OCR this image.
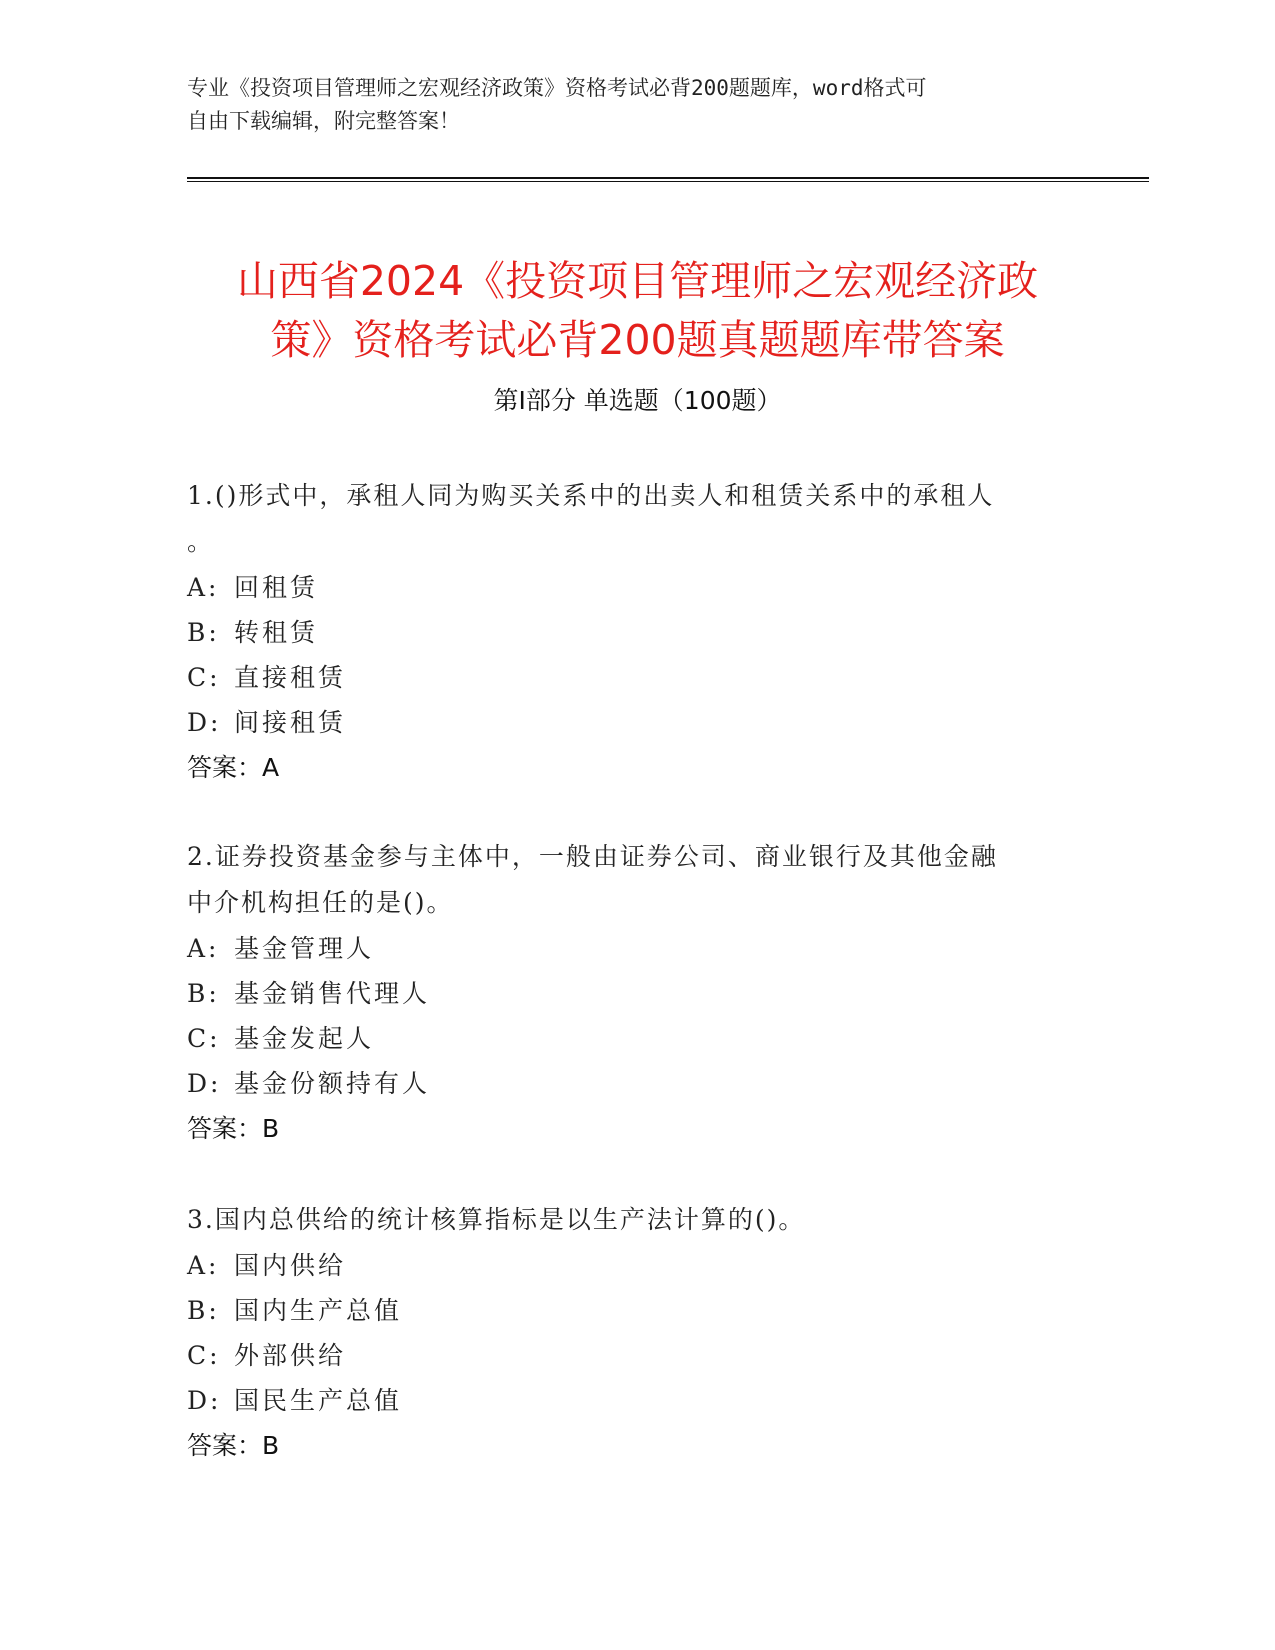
专业《投资项目管理师之宏观经济政策》资格考试必背200题题库，word格式可
自由下载编辑，附完整答案！
山西省2024《投资项目管理师之宏观经济政
策》资格考试必背200题真题题库带答案
第Ⅰ部分 单选题（100题）

1.()形式中，承租人同为购买关系中的出卖人和租赁关系中的承租人
。

A: 回租赁
B: 转租赁
C: 直接租赁
D: 间接租赁
答案： A

2.证券投资基金参与主体中，一般由证券公司、商业银行及其他金融
中介机构担任的是()。

A: 基金管理人
B: 基金销售代理人
C: 基金发起人
D: 基金份额持有人
答案： B

3.国内总供给的统计核算指标是以生产法计算的()。

A: 国内供给
B: 国内生产总值
C: 外部供给
D: 国民生产总值
答案： B
